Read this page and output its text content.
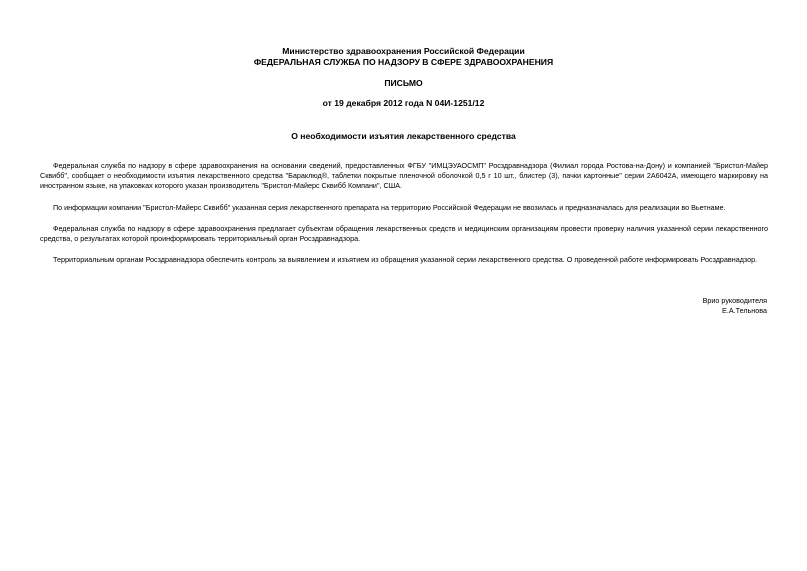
Министерство здравоохранения Российской Федерации
ФЕДЕРАЛЬНАЯ СЛУЖБА ПО НАДЗОРУ В СФЕРЕ ЗДРАВООХРАНЕНИЯ
ПИСЬМО
от 19 декабря 2012 года N 04И-1251/12
О необходимости изъятия лекарственного средства
Федеральная служба по надзору в сфере здравоохранения на основании сведений, предоставленных ФГБУ "ИМЦЭУАОСМП" Росздравнадзора (Филиал города Ростова-на-Дону) и компанией "Бристол-Майер Сквибб", сообщает о необходимости изъятия лекарственного средства "Бараклюд®, таблетки покрытые пленочной оболочкой 0,5 г 10 шт., блистер (3), пачки картонные" серии 2А6042А, имеющего маркировку на иностранном языке, на упаковках которого указан производитель "Бристол-Майерс Сквибб Компани", США.
По информации компании "Бристол-Майерс Сквибб" указанная серия лекарственного препарата на территорию Российской Федерации не ввозилась и предназначалась для реализации во Вьетнаме.
Федеральная служба по надзору в сфере здравоохранения предлагает субъектам обращения лекарственных средств и медицинским организациям провести проверку наличия указанной серии лекарственного средства, о результатах которой проинформировать территориальный орган Росздравнадзора.
Территориальным органам Росздравнадзора обеспечить контроль за выявлением и изъятием из обращения указанной серии лекарственного средства. О проведенной работе информировать Росздравнадзор.
Врио руководителя
Е.А.Тельнова
